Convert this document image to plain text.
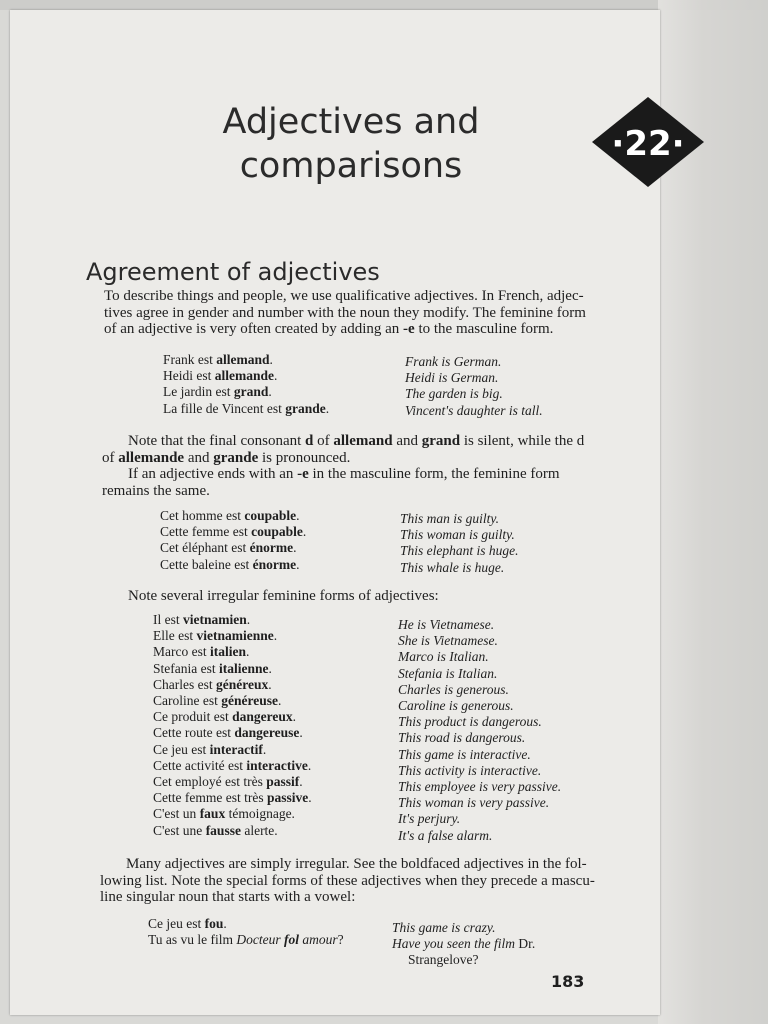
Adjectives and
comparisons
Agreement of adjectives

To describe things and people, we use qualificative adjectives. In French, adjec-
tives agree in gender and number with the noun they modify. The feminine form
of an adjective is very often created by adding an -e to the masculine form.

Frank est allemand.
Heidi est allemande.
Le jardin est grand.
La fille de Vincent est grande.
Frank is German.
Heidi is German.
The garden is big.
Vincent's daughter is tall.

Note that the final consonant d of allemand and grand is silent, while the d
of allemande and grande is pronounced.
If an adjective ends with an -e in the masculine form, the feminine form
remains the same.

Cet homme est coupable.
Cette femme est coupable.
Cet éléphant est énorme.
Cette baleine est énorme.
This man is guilty.
This woman is guilty.
This elephant is huge.
This whale is huge.

Note several irregular feminine forms of adjectives:

Il est vietnamien.
Elle est vietnamienne.
Marco est italien.
Stefania est italienne.
Charles est généreux.
Caroline est généreuse.
Ce produit est dangereux.
Cette route est dangereuse.
Ce jeu est interactif.
Cette activité est interactive.
Cet employé est très passif.
Cette femme est très passive.
C'est un faux témoignage.
C'est une fausse alerte.
He is Vietnamese.
She is Vietnamese.
Marco is Italian.
Stefania is Italian.
Charles is generous.
Caroline is generous.
This product is dangerous.
This road is dangerous.
This game is interactive.
This activity is interactive.
This employee is very passive.
This woman is very passive.
It's perjury.
It's a false alarm.

Many adjectives are simply irregular. See the boldfaced adjectives in the fol-
lowing list. Note the special forms of these adjectives when they precede a mascu-
line singular noun that starts with a vowel:

Ce jeu est fou.
Tu as vu le film Docteur fol amour?
This game is crazy.
Have you seen the film Dr.
Strangelove?
183
·22·
